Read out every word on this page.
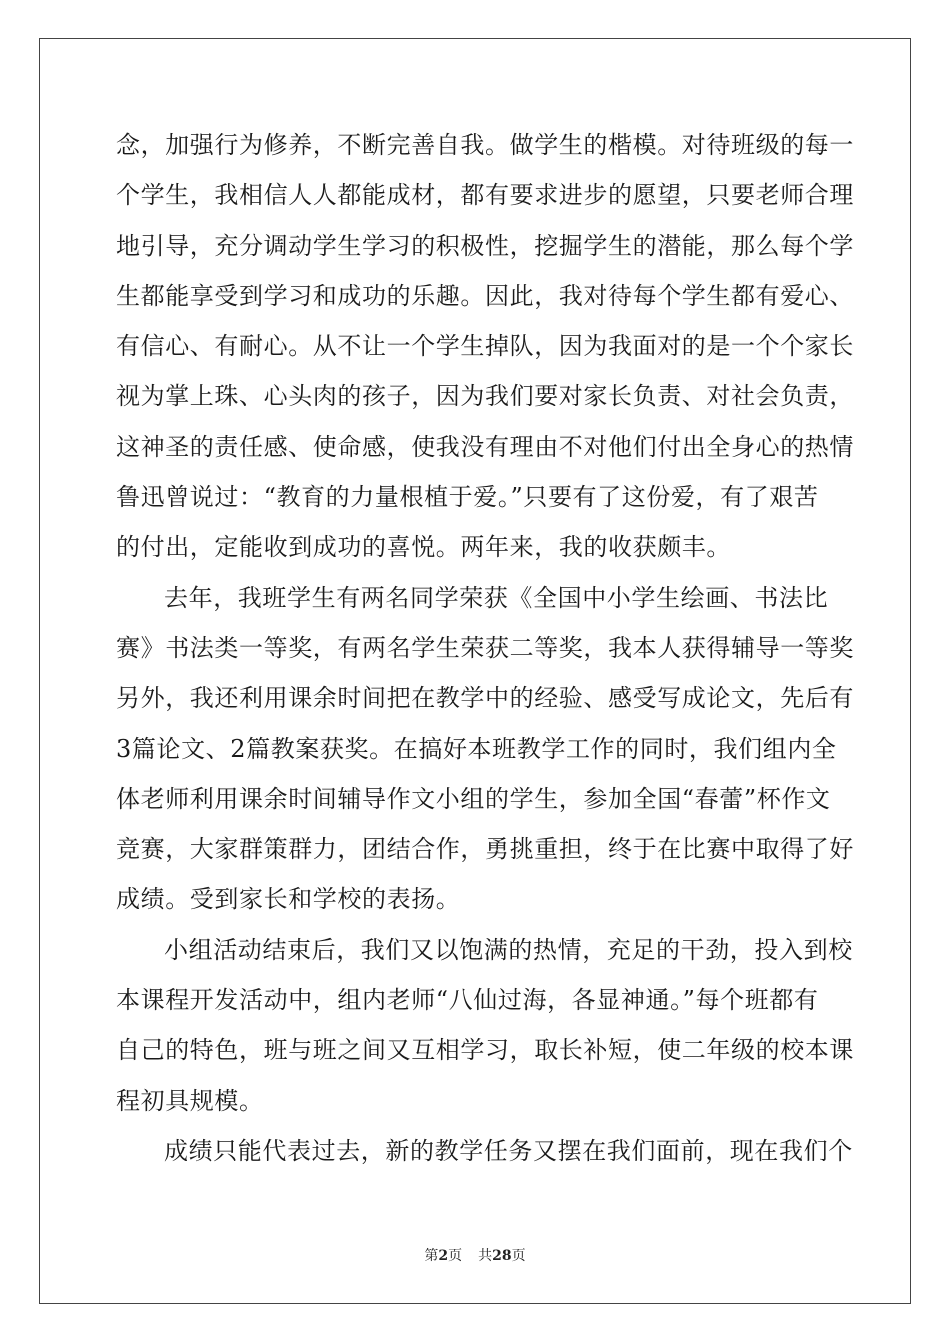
念，加强行为修养，不断完善自我。做学生的楷模。对待班级的每一
个学生，我相信人人都能成材，都有要求进步的愿望，只要老师合理
地引导，充分调动学生学习的积极性，挖掘学生的潜能，那么每个学
生都能享受到学习和成功的乐趣。因此，我对待每个学生都有爱心、
有信心、有耐心。从不让一个学生掉队，因为我面对的是一个个家长
视为掌上珠、心头肉的孩子，因为我们要对家长负责、对社会负责，
这神圣的责任感、使命感，使我没有理由不对他们付出全身心的热情
鲁迅曾说过：“教育的力量根植于爱。”只要有了这份爱，有了艰苦
的付出，定能收到成功的喜悦。两年来，我的收获颇丰。
去年，我班学生有两名同学荣获《全国中小学生绘画、书法比
赛》书法类一等奖，有两名学生荣获二等奖，我本人获得辅导一等奖
另外，我还利用课余时间把在教学中的经验、感受写成论文，先后有
3篇论文、2篇教案获奖。在搞好本班教学工作的同时，我们组内全
体老师利用课余时间辅导作文小组的学生，参加全国“春蕾”杯作文
竞赛，大家群策群力，团结合作，勇挑重担，终于在比赛中取得了好
成绩。受到家长和学校的表扬。
小组活动结束后，我们又以饱满的热情，充足的干劲，投入到校
本课程开发活动中，组内老师“八仙过海，各显神通。”每个班都有
自己的特色，班与班之间又互相学习，取长补短，使二年级的校本课
程初具规模。
成绩只能代表过去，新的教学任务又摆在我们面前，现在我们个
第2页 共28页
